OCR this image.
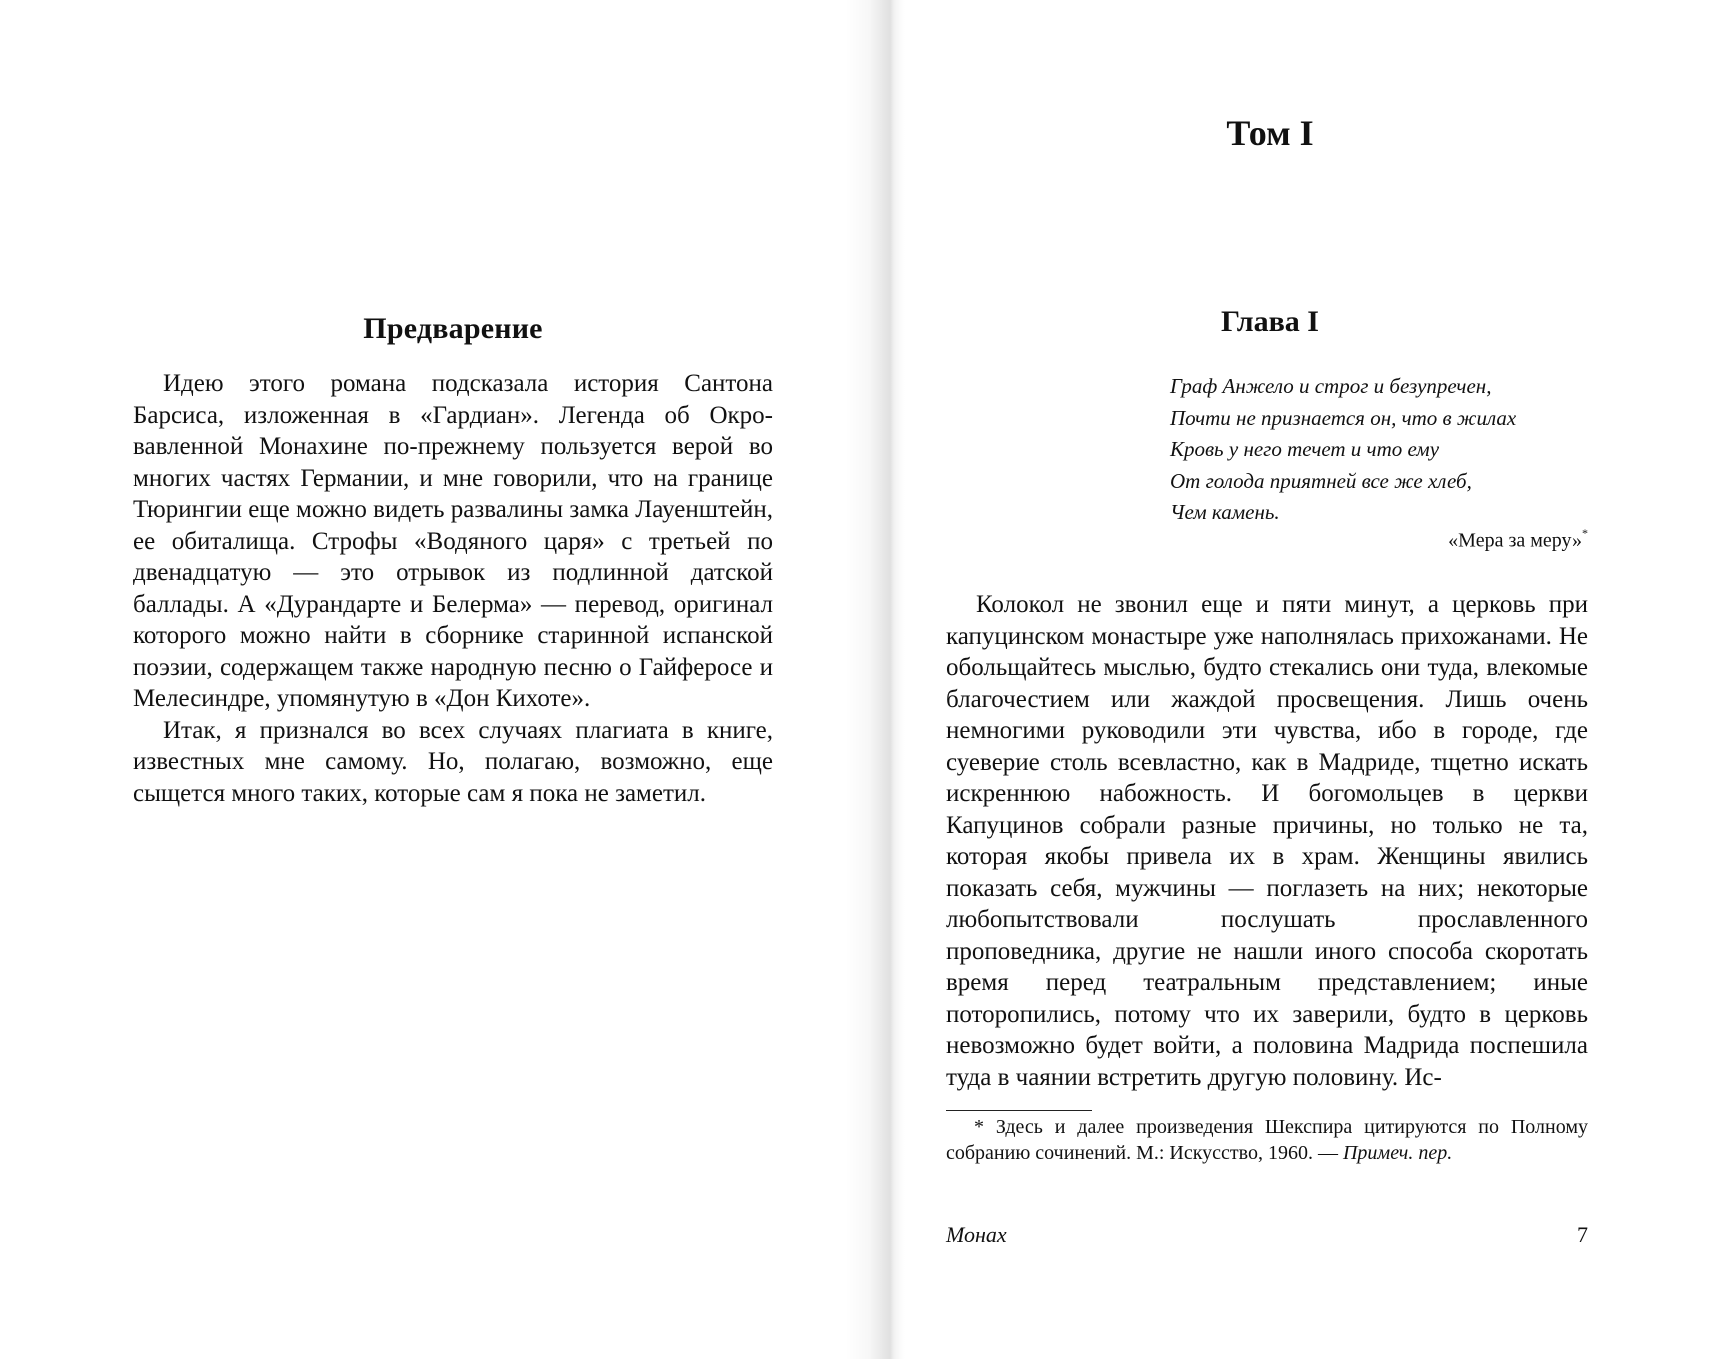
Предварение

Идею этого романа подсказала история Сантона Барсиса, изложенная в «Гардиан». Легенда об Окровавленной Монахине по-прежнему пользуется верой во многих частях Германии, и мне говорили, что на границе Тюрингии еще можно видеть развалины замка Лауенштейн, ее обиталища. Строфы «Водяного царя» с третьей по двенадцатую — это отрывок из подлинной датской баллады. А «Дурандарте и Белерма» — перевод, оригинал которого можно найти в сборнике старинной испанской поэзии, содержащем также народную песню о Гайферосе и Мелесиндре, упомянутую в «Дон Кихоте».

Итак, я признался во всех случаях плагиата в книге, известных мне самому. Но, полагаю, возможно, еще сыщется много таких, которые сам я пока не заметил.

Том I
Глава I
Граф Анжело и строг и безупречен,
Почти не признается он, что в жилах
Кровь у него течет и что ему
От голода приятней все же хлеб,
Чем камень.
«Мера за меру»*

Колокол не звонил еще и пяти минут, а церковь при капуцинском монастыре уже наполнялась прихожанами. Не обольщайтесь мыслью, будто стекались они туда, влекомые благочестием или жаждой просвещения. Лишь очень немногими руководили эти чувства, ибо в городе, где суеверие столь всевластно, как в Мадриде, тщетно искать искреннюю набожность. И богомольцев в церкви Капуцинов собрали разные причины, но только не та, которая якобы привела их в храм. Женщины явились показать себя, мужчины — поглазеть на них; некоторые любопытствовали послушать прославленного проповедника, другие не нашли иного способа скоротать время перед театральным представлением; иные поторопились, потому что их заверили, будто в церковь невозможно будет войти, а половина Мадрида поспешила туда в чаянии встретить другую половину. Ис-

* Здесь и далее произведения Шекспира цитируются по Полному собранию сочинений. М.: Искусство, 1960. — Примеч. пер.

Монах	7
